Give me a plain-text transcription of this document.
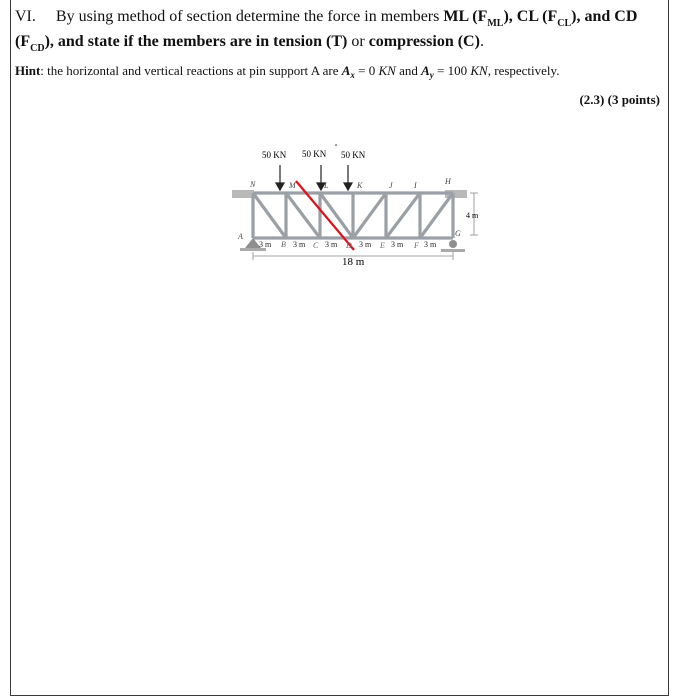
VI. By using method of section determine the force in members ML $(F_{ML})$, CL $(F_{CL})$, and CD
$(F_{CD})$, and state if the members are in tension (T) or compression (C).
Hint: the horizontal and vertical reactions at pin support A are $A_x = 0$ KN and $A_y = 100$ KN, respectively.
(2.3) (3 points)
50 KN 50 KN 50 KN
N	M	L	K	J	I	H
A	G
3 m B 3 m C 3 m D 3 m E 3 m F 3 m
18 m
4 m
